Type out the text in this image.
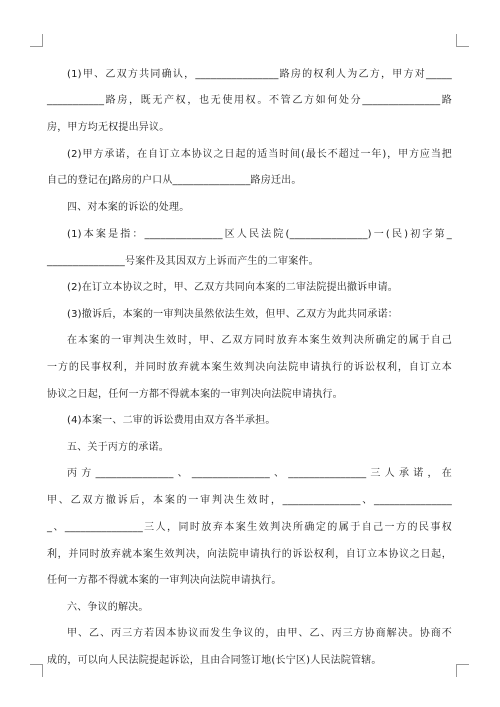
(1)甲、乙双方共同确认，________________路房的权利人为乙方，甲方对_____
___________路房，既无产权，也无使用权。不管乙方如何处分_______________路
房，甲方均无权提出异议。
(2)甲方承诺，在自订立本协议之日起的适当时间(最长不超过一年)，甲方应当把
自己的登记在J路房的户口从_______________路房迁出。
四、对本案的诉讼的处理。
(1)本案是指：_______________区人民法院(_______________)一(民)初字第_
_______________号案件及其因双方上诉而产生的二审案件。
(2)在订立本协议之时，甲、乙双方共同向本案的二审法院提出撤诉申请。
(3)撤诉后，本案的一审判决虽然依法生效，但甲、乙双方为此共同承诺：
在本案的一审判决生效时，甲、乙双方同时放弃本案生效判决所确定的属于自己
一方的民事权利，并同时放弃就本案生效判决向法院申请执行的诉讼权利，自订立本
协议之日起，任何一方都不得就本案的一审判决向法院申请执行。
(4)本案一、二审的诉讼费用由双方各半承担。
五、关于丙方的承诺。
丙方_______________、_______________、_______________三人承诺，在
甲、乙双方撤诉后，本案的一审判决生效时，_______________、_______________
_、_______________三人，同时放弃本案生效判决所确定的属于自己一方的民事权
利，并同时放弃就本案生效判决，向法院申请执行的诉讼权利，自订立本协议之日起，
任何一方都不得就本案的一审判决向法院申请执行。
六、争议的解决。
甲、乙、丙三方若因本协议而发生争议的，由甲、乙、丙三方协商解决。协商不
成的，可以向人民法院提起诉讼，且由合同签订地(长宁区)人民法院管辖。
